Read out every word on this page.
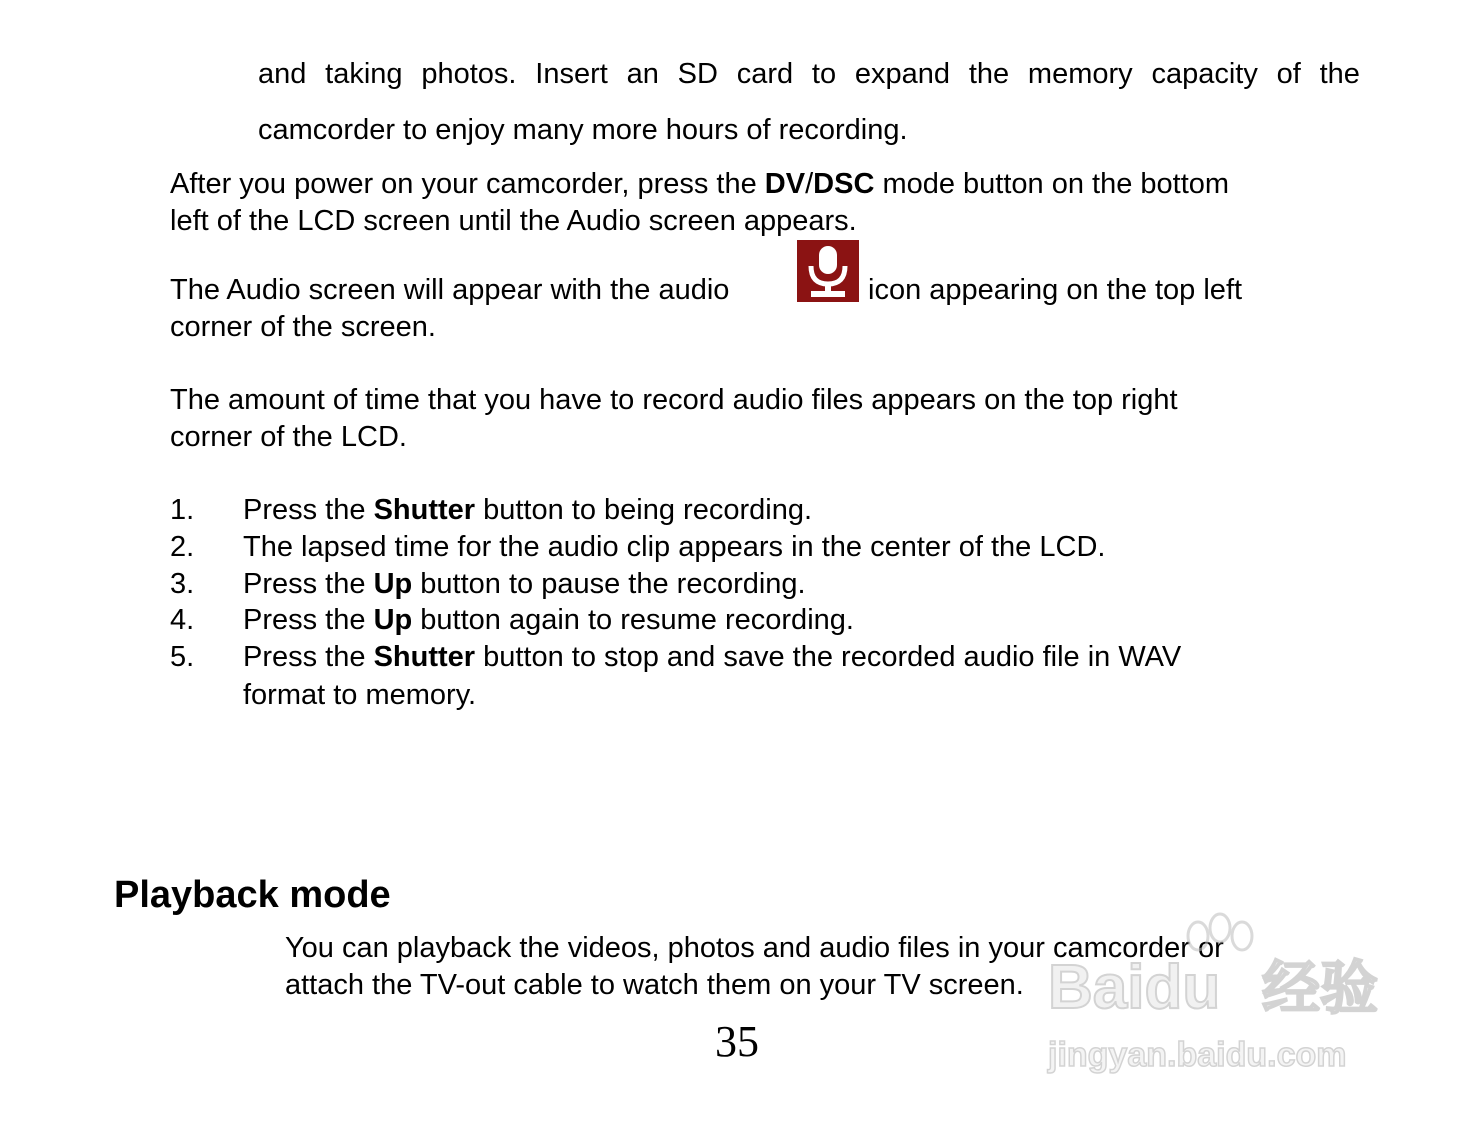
and taking photos. Insert an SD card to expand the memory capacity of the

camcorder to enjoy many more hours of recording.

After you power on your camcorder, press the DV/DSC mode button on the bottom

left of the LCD screen until the Audio screen appears.

The Audio screen will appear with the audio	icon appearing on the top left

corner of the screen.

The amount of time that you have to record audio files appears on the top right

corner of the LCD.

1. Press the Shutter button to being recording.

2. The lapsed time for the audio clip appears in the center of the LCD.

3. Press the Up button to pause the recording.

4. Press the Up button again to resume recording.

5. Press the Shutter button to stop and save the recorded audio file in WAV

format to memory.

Playback mode

You can playback the videos, photos and audio files in your camcorder or

attach the TV-out cable to watch them on your TV screen.

35
Baidu 经验
jingyan.baidu.com
